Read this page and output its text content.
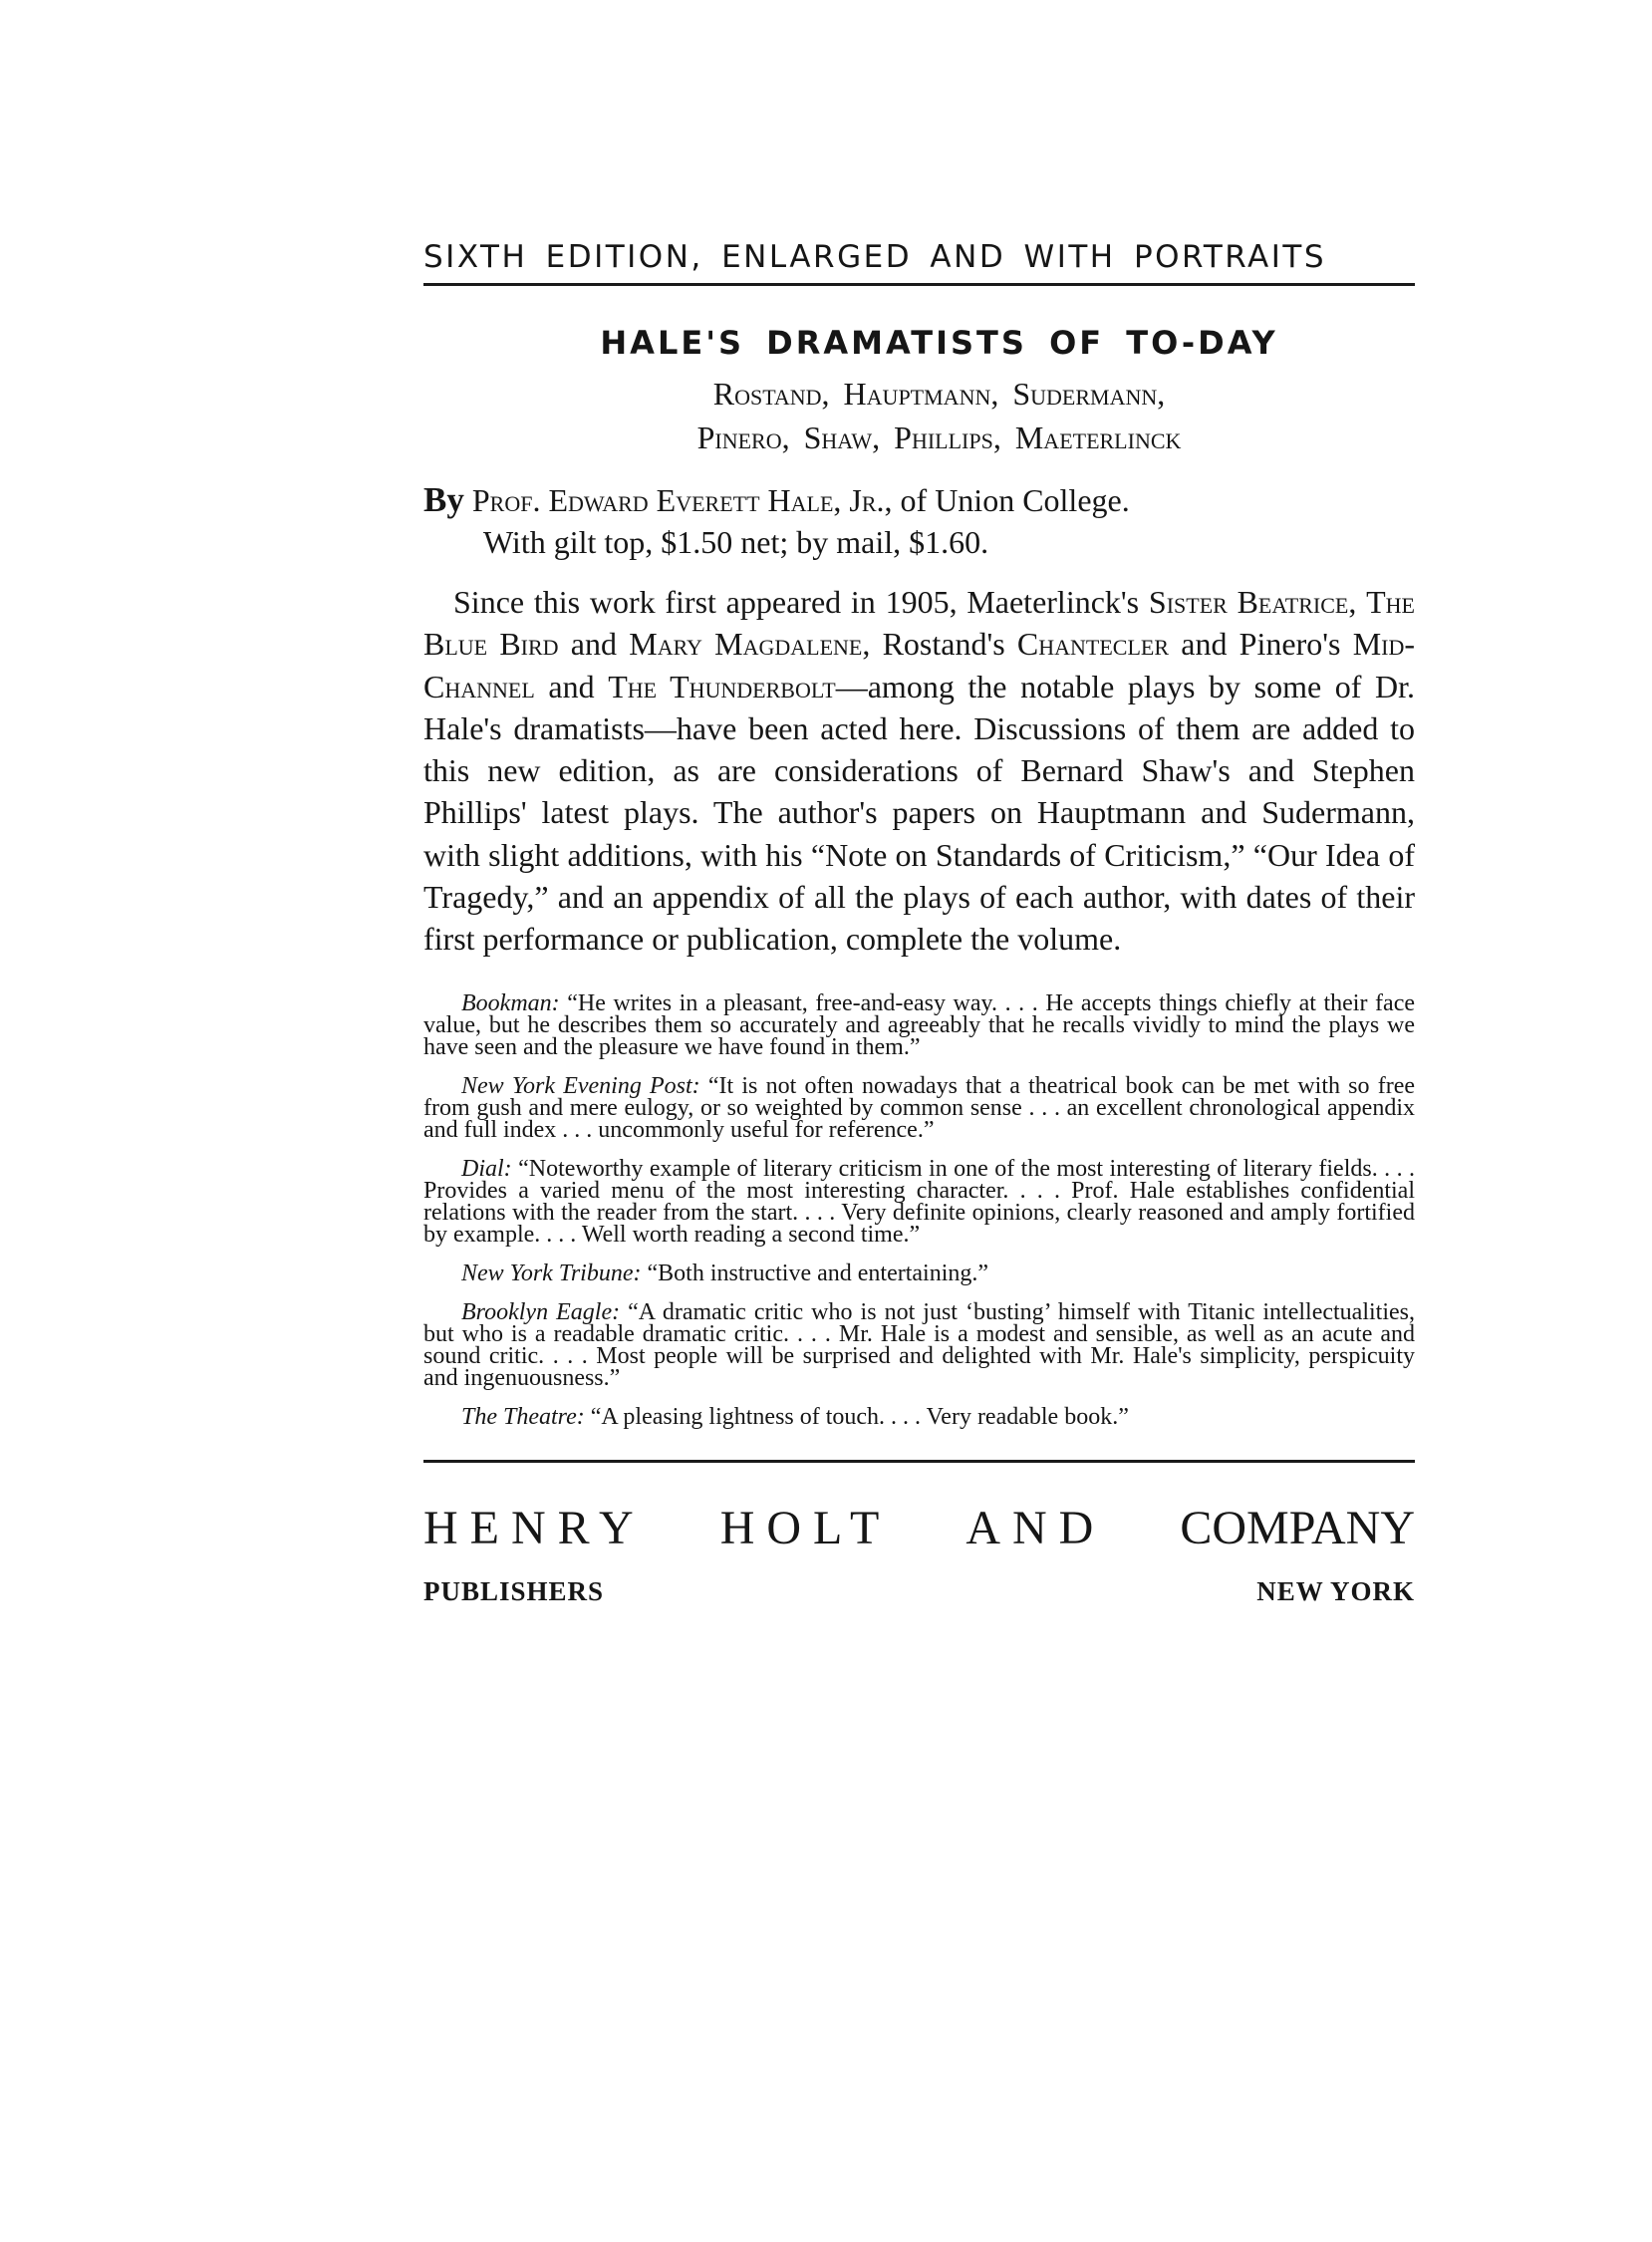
SIXTH EDITION, ENLARGED AND WITH PORTRAITS
HALE'S DRAMATISTS OF TO-DAY
Rostand, Hauptmann, Sudermann,
Pinero, Shaw, Phillips, Maeterlinck
By Prof. Edward Everett Hale, Jr., of Union College.
With gilt top, $1.50 net; by mail, $1.60.

Since this work first appeared in 1905, Maeterlinck's Sister Beatrice, The Blue Bird and Mary Magdalene, Rostand's Chantecler and Pinero's Mid-Channel and The Thunderbolt—among the notable plays by some of Dr. Hale's dramatists—have been acted here. Discussions of them are added to this new edition, as are considerations of Bernard Shaw's and Stephen Phillips' latest plays. The author's papers on Hauptmann and Sudermann, with slight additions, with his “Note on Standards of Criticism,” “Our Idea of Tragedy,” and an appendix of all the plays of each author, with dates of their first performance or publication, complete the volume.

Bookman: “He writes in a pleasant, free-and-easy way. . . . He accepts things chiefly at their face value, but he describes them so accurately and agreeably that he recalls vividly to mind the plays we have seen and the pleasure we have found in them.”

New York Evening Post: “It is not often nowadays that a theatrical book can be met with so free from gush and mere eulogy, or so weighted by common sense . . . an excellent chronological appendix and full index . . . uncommonly useful for reference.”

Dial: “Noteworthy example of literary criticism in one of the most interesting of literary fields. . . . Provides a varied menu of the most interesting character. . . . Prof. Hale establishes confidential relations with the reader from the start. . . . Very definite opinions, clearly reasoned and amply fortified by example. . . . Well worth reading a second time.”

New York Tribune: “Both instructive and entertaining.”

Brooklyn Eagle: “A dramatic critic who is not just ‘busting’ himself with Titanic intellectualities, but who is a readable dramatic critic. . . . Mr. Hale is a modest and sensible, as well as an acute and sound critic. . . . Most people will be surprised and delighted with Mr. Hale's simplicity, perspicuity and ingenuousness.”

The Theatre: “A pleasing lightness of touch. . . . Very readable book.”

HENRY HOLT AND COMPANY
PUBLISHERS	NEW YORK
